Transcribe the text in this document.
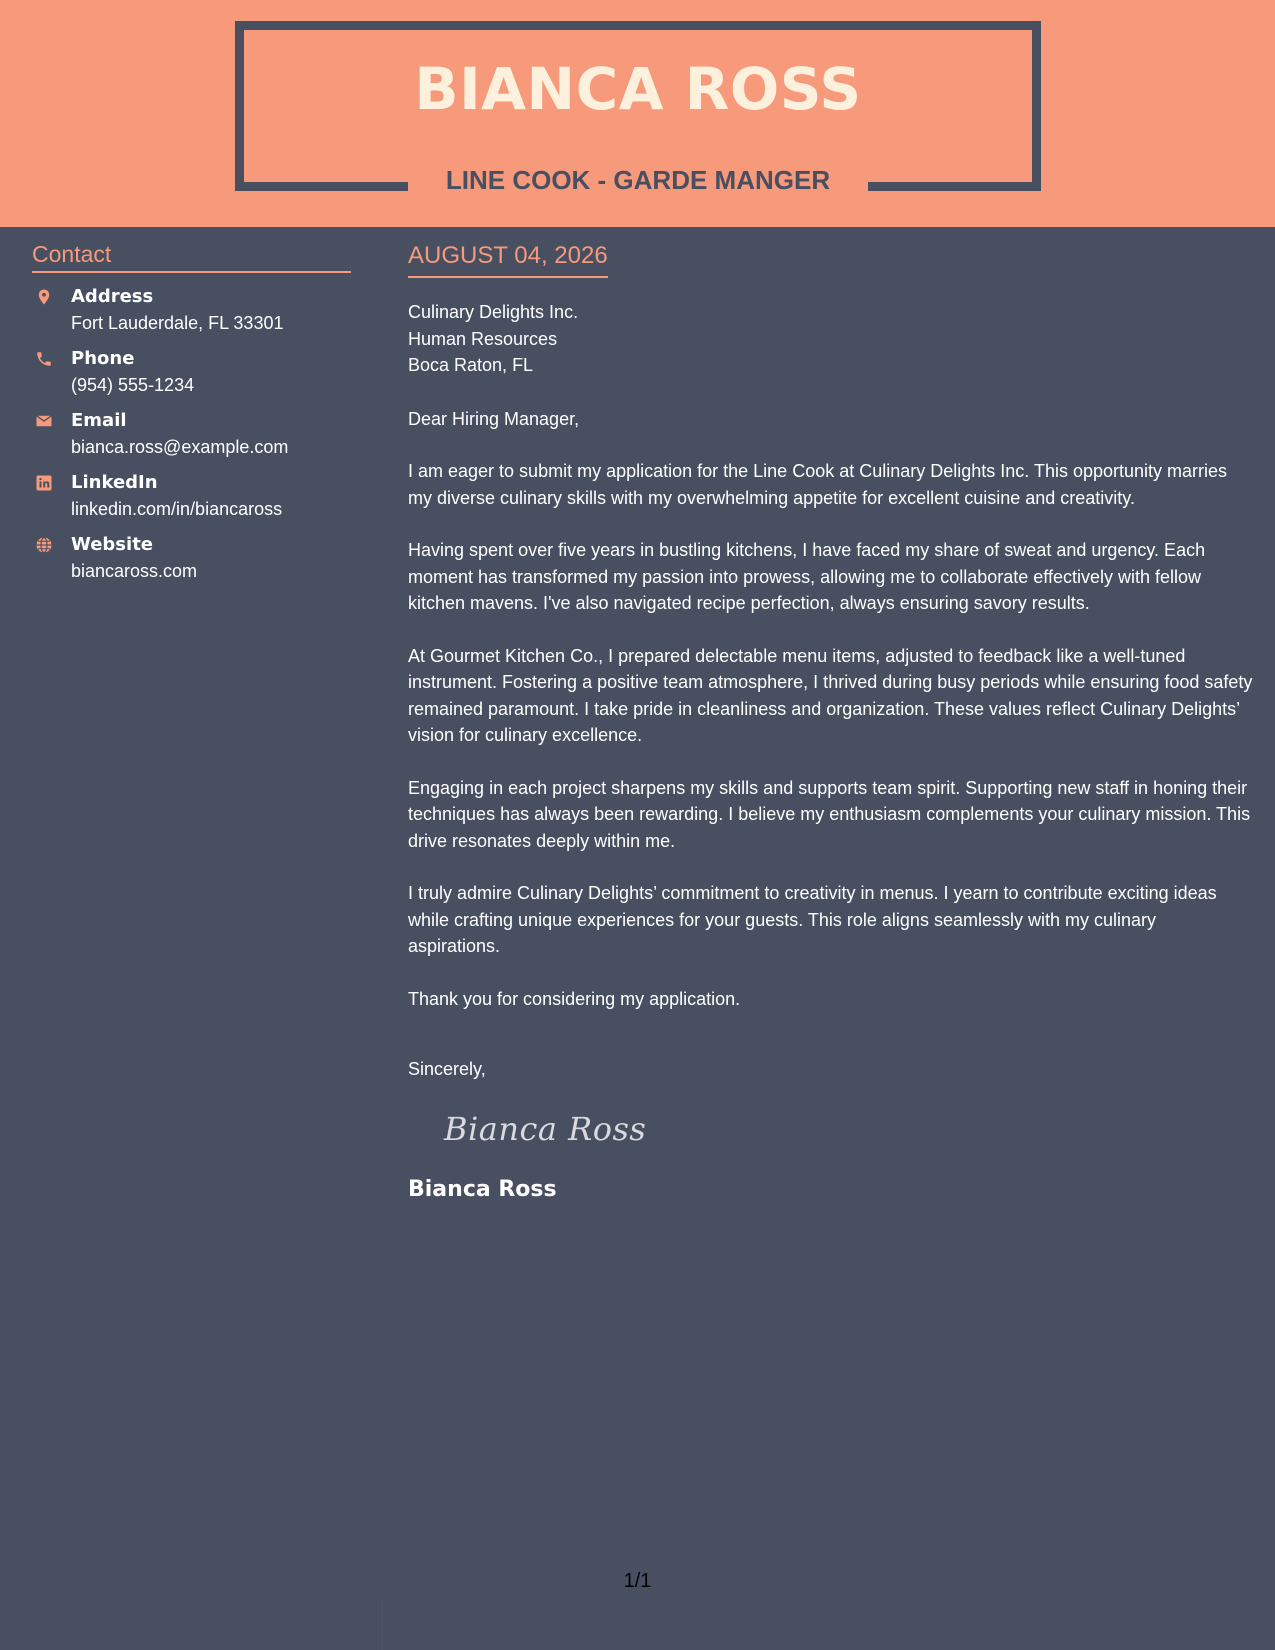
BIANCA ROSS
LINE COOK - GARDE MANGER
Contact
Address
Fort Lauderdale, FL 33301
Phone
(954) 555-1234
Email
bianca.ross@example.com
LinkedIn
linkedin.com/in/biancaross
Website
biancaross.com
AUGUST 04, 2026
Culinary Delights Inc.
Human Resources
Boca Raton, FL
Dear Hiring Manager,
I am eager to submit my application for the Line Cook at Culinary Delights Inc. This opportunity marries my diverse culinary skills with my overwhelming appetite for excellent cuisine and creativity.
Having spent over five years in bustling kitchens, I have faced my share of sweat and urgency. Each moment has transformed my passion into prowess, allowing me to collaborate effectively with fellow kitchen mavens. I've also navigated recipe perfection, always ensuring savory results.
At Gourmet Kitchen Co., I prepared delectable menu items, adjusted to feedback like a well-tuned instrument. Fostering a positive team atmosphere, I thrived during busy periods while ensuring food safety remained paramount. I take pride in cleanliness and organization. These values reflect Culinary Delights’ vision for culinary excellence.
Engaging in each project sharpens my skills and supports team spirit. Supporting new staff in honing their techniques has always been rewarding. I believe my enthusiasm complements your culinary mission. This drive resonates deeply within me.
I truly admire Culinary Delights’ commitment to creativity in menus. I yearn to contribute exciting ideas while crafting unique experiences for your guests. This role aligns seamlessly with my culinary aspirations.
Thank you for considering my application.
Sincerely,
Bianca Ross
Bianca Ross
1/1
